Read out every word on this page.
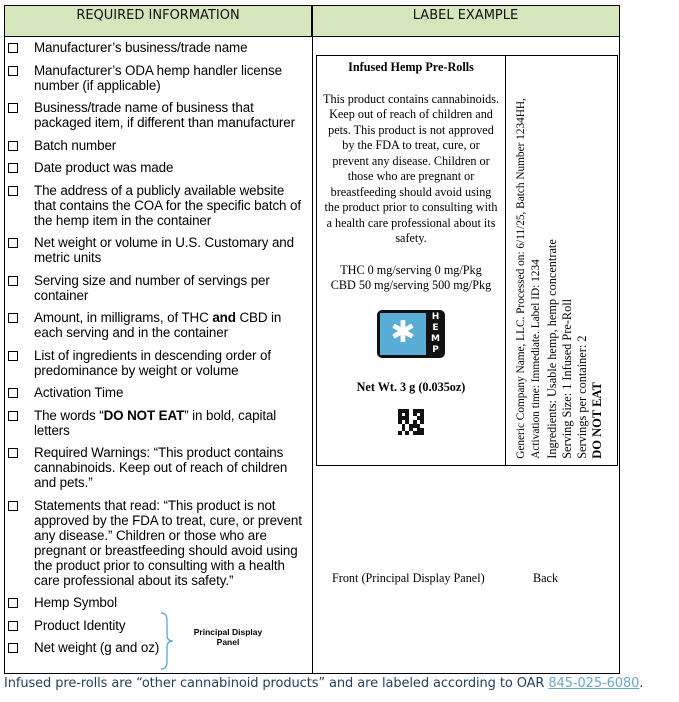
REQUIRED INFORMATION	LABEL EXAMPLE
Manufacturer’s business/trade name
Manufacturer’s ODA hemp handler license number (if applicable)
Business/trade name of business that packaged item, if different than manufacturer
Batch number
Date product was made
The address of a publicly available website that contains the COA for the specific batch of the hemp item in the container
Net weight or volume in U.S. Customary and metric units
Serving size and number of servings per container
Amount, in milligrams, of THC and CBD in each serving and in the container
List of ingredients in descending order of predominance by weight or volume
Activation Time
The words “DO NOT EAT” in bold, capital letters
Required Warnings: “This product contains cannabinoids. Keep out of reach of children and pets.”
Statements that read: “This product is not approved by the FDA to treat, cure, or prevent any disease.” Children or those who are pregnant or breastfeeding should avoid using the product prior to consulting with a health care professional about its safety.”
Hemp Symbol
Product Identity
Net weight (g and oz)
Principal Display Panel
Infused Hemp Pre-Rolls
This product contains cannabinoids. Keep out of reach of children and pets. This product is not approved by the FDA to treat, cure, or prevent any disease. Children or those who are pregnant or breastfeeding should avoid using the product prior to consulting with a health care professional about its safety.
THC 0 mg/serving 0 mg/Pkg
CBD 50 mg/serving 500 mg/Pkg
✱	H
E
M
P
Net Wt. 3 g (0.035oz)	Generic Company Name, LLC. Processed on: 6/11/25, Batch Number 1234HH, Activation time: Immediate. Label ID: 1234 Ingredients: Usable hemp, hemp concentrate Serving Size: 1 Infused Pre-Roll Servings per container: 2 DO NOT EAT
Front (Principal Display Panel)	Back
Infused pre-rolls are “other cannabinoid products” and are labeled according to OAR 845-025-6080.
